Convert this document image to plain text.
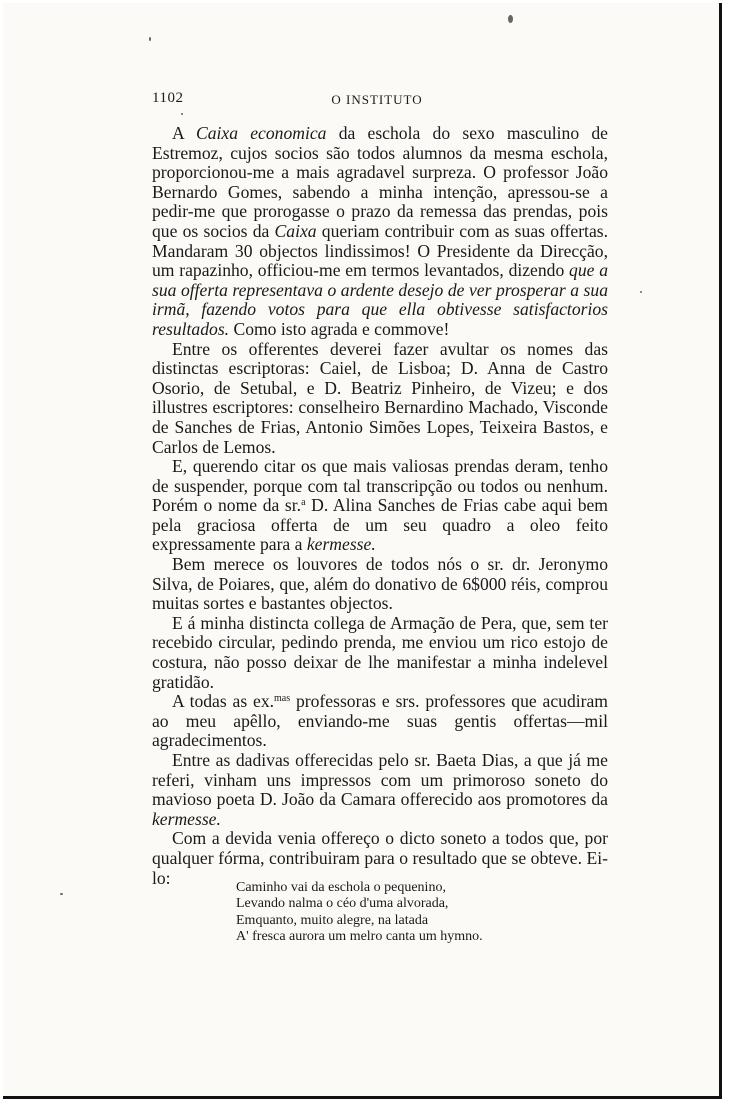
1102	O INSTITUTO

A Caixa economica da eschola do sexo masculino de Estremoz, cujos socios são todos alumnos da mesma eschola, proporcionou-me a mais agradavel surpreza. O professor João Bernardo Gomes, sabendo a minha intenção, apressou-se a pedir-me que prorogasse o prazo da remessa das prendas, pois que os socios da Caixa queriam contribuir com as suas offertas. Mandaram 30 objectos lindissimos! O Presidente da Direcção, um rapazinho, officiou-me em termos levantados, dizendo que a sua offerta representava o ardente desejo de ver prosperar a sua irmã, fazendo votos para que ella obtivesse satisfactorios resultados. Como isto agrada e commove!

Entre os offerentes deverei fazer avultar os nomes das distinctas escriptoras: Caiel, de Lisboa; D. Anna de Castro Osorio, de Setubal, e D. Beatriz Pinheiro, de Vizeu; e dos illustres escriptores: conselheiro Bernardino Machado, Visconde de Sanches de Frias, Antonio Simões Lopes, Teixeira Bastos, e Carlos de Lemos.

E, querendo citar os que mais valiosas prendas deram, tenho de suspender, porque com tal transcripção ou todos ou nenhum. Porém o nome da sr.$^a$ D. Alina Sanches de Frias cabe aqui bem pela graciosa offerta de um seu quadro a oleo feito expressamente para a kermesse.

Bem merece os louvores de todos nós o sr. dr. Jeronymo Silva, de Poiares, que, além do donativo de 6$000 réis, comprou muitas sortes e bastantes objectos.

E á minha distincta collega de Armação de Pera, que, sem ter recebido circular, pedindo prenda, me enviou um rico estojo de costura, não posso deixar de lhe manifestar a minha indelevel gratidão.

A todas as ex.$^{mas}$ professoras e srs. professores que acudiram ao meu apêllo, enviando-me suas gentis offertas—mil agradecimentos.

Entre as dadivas offerecidas pelo sr. Baeta Dias, a que já me referi, vinham uns impressos com um primoroso soneto do mavioso poeta D. João da Camara offerecido aos promotores da kermesse.

Com a devida venia offereço o dicto soneto a todos que, por qualquer fórma, contribuiram para o resultado que se obteve. Ei-lo:	Caminho vai da eschola o pequenino,
Levando nalma o céo d'uma alvorada,
Emquanto, muito alegre, na latada
A' fresca aurora um melro canta um hymno.
